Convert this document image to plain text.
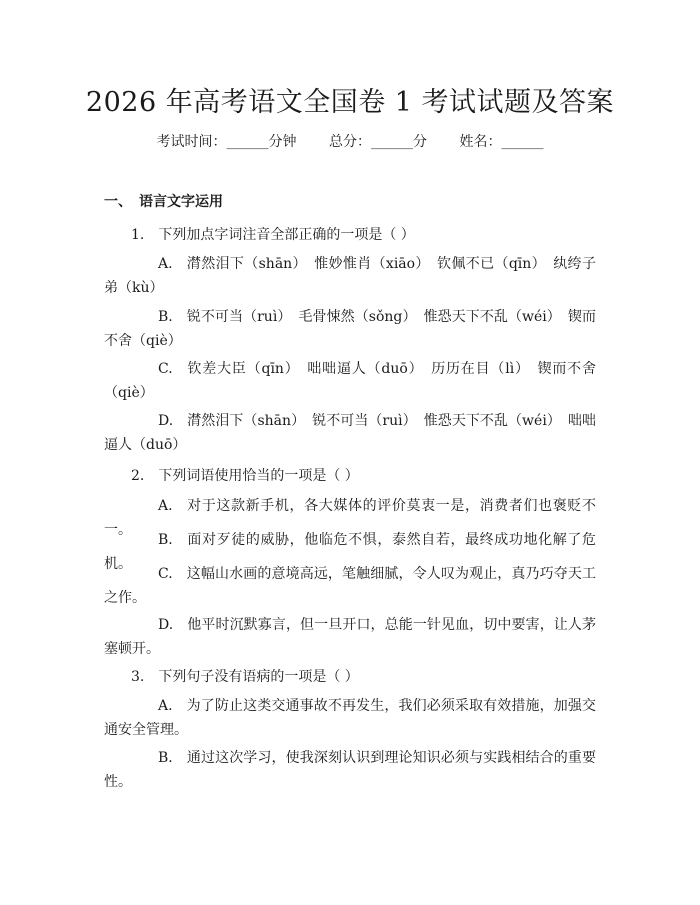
2026 年高考语文全国卷 1 考试试题及答案
考试时间：______分钟 总分：______分 姓名：______
一、　语言文字运用
1.　下列加点字词注音全部正确的一项是（ ）
A. 潸然泪下（shān）　惟妙惟肖（xiāo）　钦佩不已（qīn）　纨绔子弟（kù）
B. 锐不可当（ruì）　毛骨悚然（sǒng）　惟恐天下不乱（wéi）　锲而不舍（qiè）
C. 钦差大臣（qīn）　咄咄逼人（duō）　历历在目（lì）　锲而不舍（qiè）
D. 潸然泪下（shān）　锐不可当（ruì）　惟恐天下不乱（wéi）　咄咄逼人（duō）
2.　下列词语使用恰当的一项是（ ）
A. 对于这款新手机，各大媒体的评价莫衷一是，消费者们也褒贬不一。
B. 面对歹徒的威胁，他临危不惧，泰然自若，最终成功地化解了危机。
C. 这幅山水画的意境高远，笔触细腻，令人叹为观止，真乃巧夺天工之作。
D. 他平时沉默寡言，但一旦开口，总能一针见血，切中要害，让人茅塞顿开。
3.　下列句子没有语病的一项是（ ）
A. 为了防止这类交通事故不再发生，我们必须采取有效措施，加强交通安全管理。
B. 通过这次学习，使我深刻认识到理论知识必须与实践相结合的重要性。
